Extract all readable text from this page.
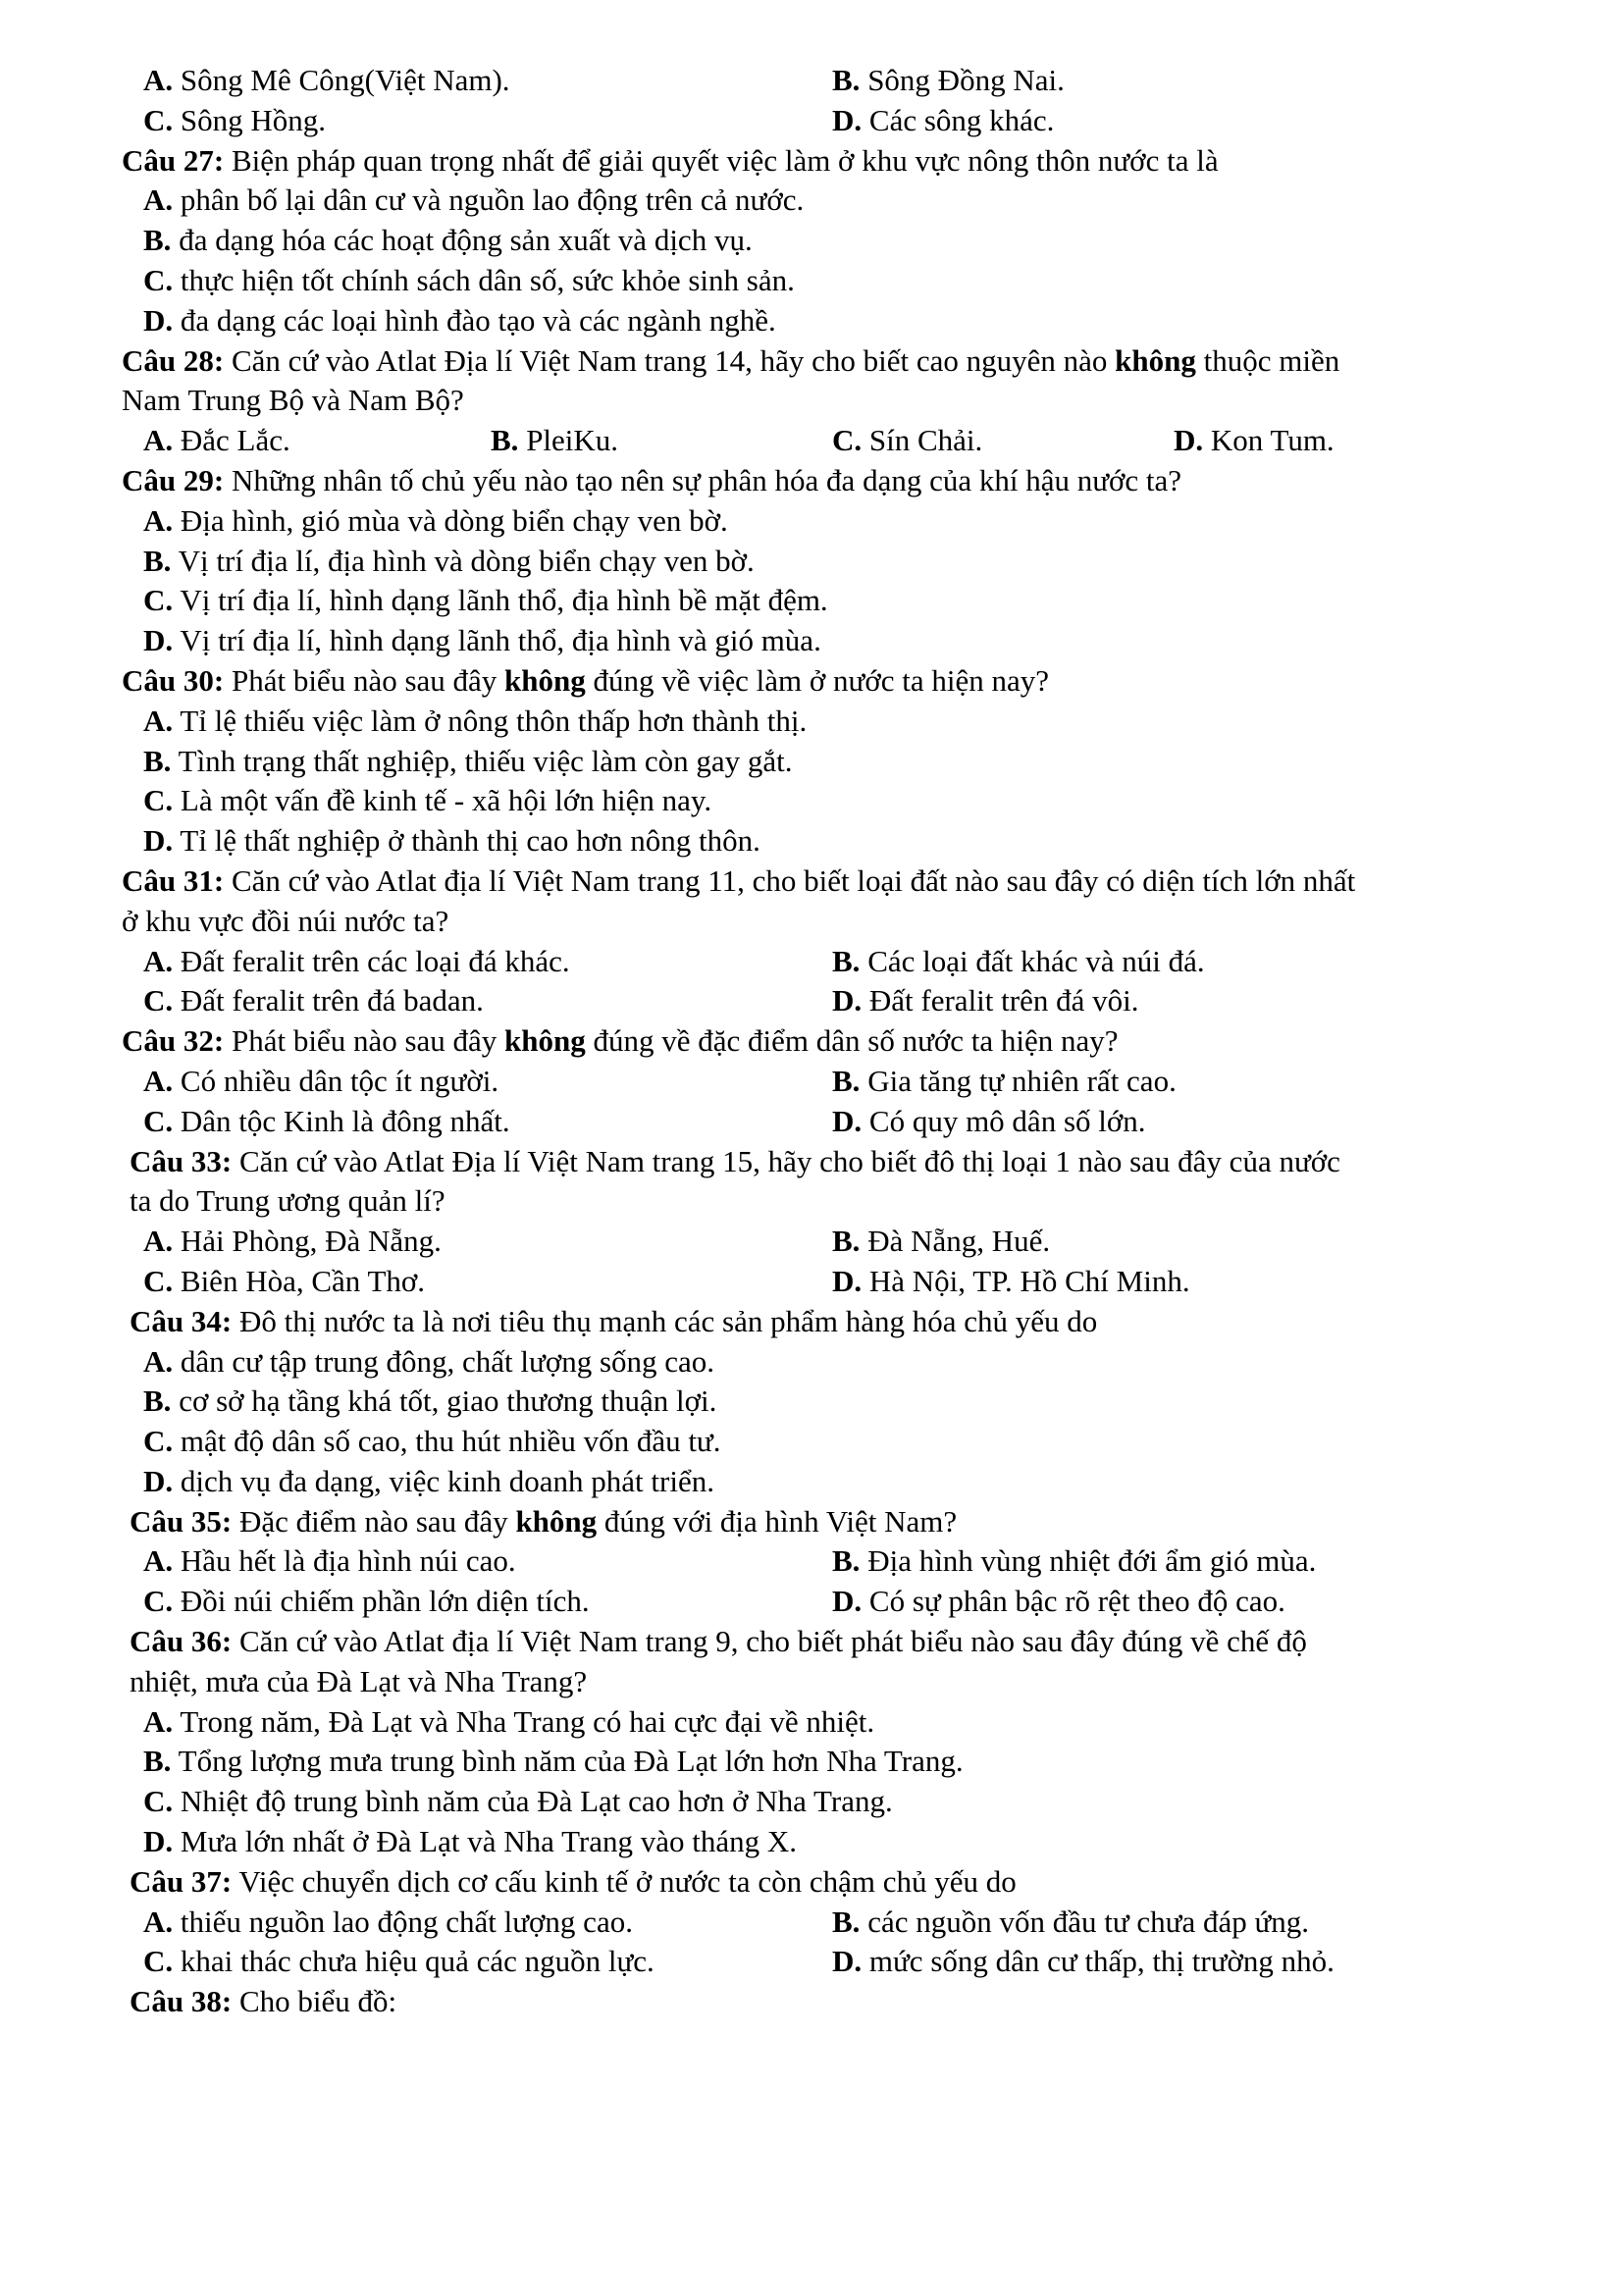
A. Sông Mê Công(Việt Nam).	B. Sông Đồng Nai.
C. Sông Hồng.	D. Các sông khác.
Câu 27: Biện pháp quan trọng nhất để giải quyết việc làm ở khu vực nông thôn nước ta là
A. phân bố lại dân cư và nguồn lao động trên cả nước.
B. đa dạng hóa các hoạt động sản xuất và dịch vụ.
C. thực hiện tốt chính sách dân số, sức khỏe sinh sản.
D. đa dạng các loại hình đào tạo và các ngành nghề.
Câu 28: Căn cứ vào Atlat Địa lí Việt Nam trang 14, hãy cho biết cao nguyên nào không thuộc miền
Nam Trung Bộ và Nam Bộ?
A. Đắc Lắc.	B. PleiKu.	C. Sín Chải.	D. Kon Tum.
Câu 29: Những nhân tố chủ yếu nào tạo nên sự phân hóa đa dạng của khí hậu nước ta?
A. Địa hình, gió mùa và dòng biển chạy ven bờ.
B. Vị trí địa lí, địa hình và dòng biển chạy ven bờ.
C. Vị trí địa lí, hình dạng lãnh thổ, địa hình bề mặt đệm.
D. Vị trí địa lí, hình dạng lãnh thổ, địa hình và gió mùa.
Câu 30: Phát biểu nào sau đây không đúng về việc làm ở nước ta hiện nay?
A. Tỉ lệ thiếu việc làm ở nông thôn thấp hơn thành thị.
B. Tình trạng thất nghiệp, thiếu việc làm còn gay gắt.
C. Là một vấn đề kinh tế - xã hội lớn hiện nay.
D. Tỉ lệ thất nghiệp ở thành thị cao hơn nông thôn.
Câu 31: Căn cứ vào Atlat địa lí Việt Nam trang 11, cho biết loại đất nào sau đây có diện tích lớn nhất
ở khu vực đồi núi nước ta?
A. Đất feralit trên các loại đá khác.	B. Các loại đất khác và núi đá.
C. Đất feralit trên đá badan.	D. Đất feralit trên đá vôi.
Câu 32: Phát biểu nào sau đây không đúng về đặc điểm dân số nước ta hiện nay?
A. Có nhiều dân tộc ít người.	B. Gia tăng tự nhiên rất cao.
C. Dân tộc Kinh là đông nhất.	D. Có quy mô dân số lớn.
Câu 33: Căn cứ vào Atlat Địa lí Việt Nam trang 15, hãy cho biết đô thị loại 1 nào sau đây của nước
ta do Trung ương quản lí?
A. Hải Phòng, Đà Nẵng.	B. Đà Nẵng, Huế.
C. Biên Hòa, Cần Thơ.	D. Hà Nội, TP. Hồ Chí Minh.
Câu 34: Đô thị nước ta là nơi tiêu thụ mạnh các sản phẩm hàng hóa chủ yếu do
A. dân cư tập trung đông, chất lượng sống cao.
B. cơ sở hạ tầng khá tốt, giao thương thuận lợi.
C. mật độ dân số cao, thu hút nhiều vốn đầu tư.
D. dịch vụ đa dạng, việc kinh doanh phát triển.
Câu 35: Đặc điểm nào sau đây không đúng với địa hình Việt Nam?
A. Hầu hết là địa hình núi cao.	B. Địa hình vùng nhiệt đới ẩm gió mùa.
C. Đồi núi chiếm phần lớn diện tích.	D. Có sự phân bậc rõ rệt theo độ cao.
Câu 36: Căn cứ vào Atlat địa lí Việt Nam trang 9, cho biết phát biểu nào sau đây đúng về chế độ
nhiệt, mưa của Đà Lạt và Nha Trang?
A. Trong năm, Đà Lạt và Nha Trang có hai cực đại về nhiệt.
B. Tổng lượng mưa trung bình năm của Đà Lạt lớn hơn Nha Trang.
C. Nhiệt độ trung bình năm của Đà Lạt cao hơn ở Nha Trang.
D. Mưa lớn nhất ở Đà Lạt và Nha Trang vào tháng X.
Câu 37: Việc chuyển dịch cơ cấu kinh tế ở nước ta còn chậm chủ yếu do
A. thiếu nguồn lao động chất lượng cao.	B. các nguồn vốn đầu tư chưa đáp ứng.
C. khai thác chưa hiệu quả các nguồn lực.	D. mức sống dân cư thấp, thị trường nhỏ.
Câu 38: Cho biểu đồ:
